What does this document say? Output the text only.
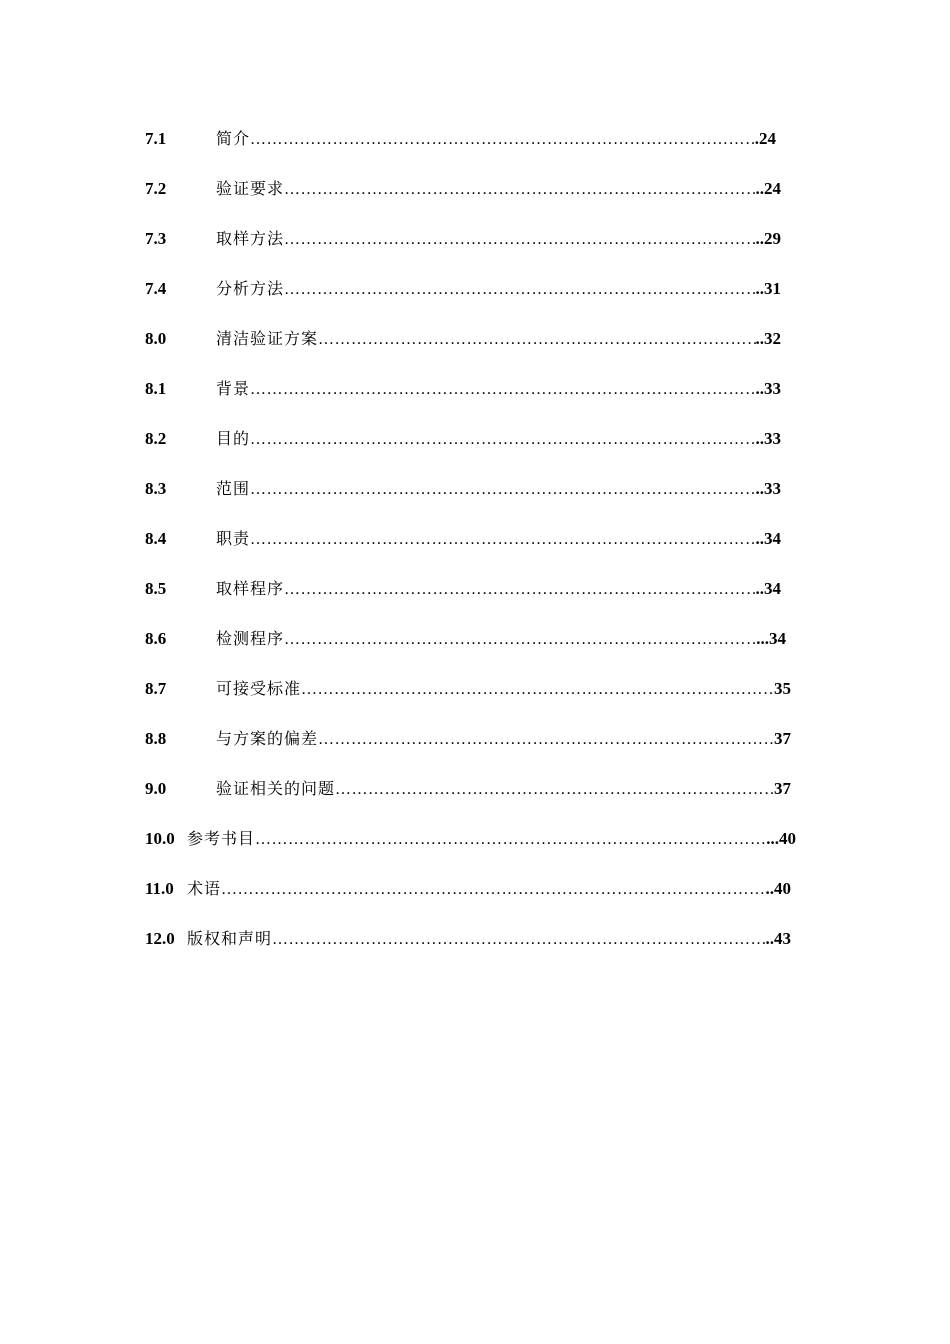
7.1	简介 ……………………………………………………………………………………………………………………………………………………………………………………………………	.24
7.2	验证要求 ……………………………………………………………………………………………………………………………………………………………………………………………………	..24
7.3	取样方法 ……………………………………………………………………………………………………………………………………………………………………………………………………	..29
7.4	分析方法 ……………………………………………………………………………………………………………………………………………………………………………………………………	..31
8.0	清洁验证方案 ……………………………………………………………………………………………………………………………………………………………………………………………………	..32
8.1	背景 ……………………………………………………………………………………………………………………………………………………………………………………………………	..33
8.2	目的 ……………………………………………………………………………………………………………………………………………………………………………………………………	..33
8.3	范围 ……………………………………………………………………………………………………………………………………………………………………………………………………	..33
8.4	职责 ……………………………………………………………………………………………………………………………………………………………………………………………………	..34
8.5	取样程序 ……………………………………………………………………………………………………………………………………………………………………………………………………	..34
8.6	检测程序 ……………………………………………………………………………………………………………………………………………………………………………………………………	...34
8.7	可接受标准 ……………………………………………………………………………………………………………………………………………………………………………………………………	35
8.8	与方案的偏差 ……………………………………………………………………………………………………………………………………………………………………………………………………	37
9.0	验证相关的问题 ……………………………………………………………………………………………………………………………………………………………………………………………………	37
10.0 参考书目 ……………………………………………………………………………………………………………………………………………………………………………………………………	...40
11.0 术语 ……………………………………………………………………………………………………………………………………………………………………………………………………	..40
12.0 版权和声明 ……………………………………………………………………………………………………………………………………………………………………………………………………	..43
